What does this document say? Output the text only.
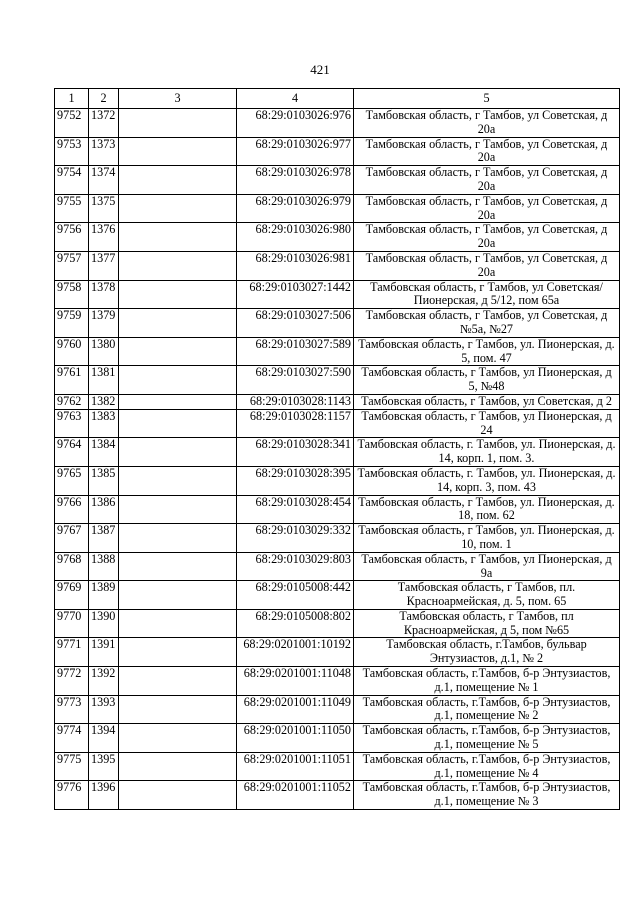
421
1	2	3	4	5
9752	1372		68:29:0103026:976	Тамбовская область, г Тамбов, ул Советская, д 20а
9753	1373		68:29:0103026:977	Тамбовская область, г Тамбов, ул Советская, д 20а
9754	1374		68:29:0103026:978	Тамбовская область, г Тамбов, ул Советская, д 20а
9755	1375		68:29:0103026:979	Тамбовская область, г Тамбов, ул Советская, д 20а
9756	1376		68:29:0103026:980	Тамбовская область, г Тамбов, ул Советская, д 20а
9757	1377		68:29:0103026:981	Тамбовская область, г Тамбов, ул Советская, д 20а
9758	1378		68:29:0103027:1442	Тамбовская область, г Тамбов, ул Советская/Пионерская, д 5/12, пом 65а
9759	1379		68:29:0103027:506	Тамбовская область, г Тамбов, ул Советская, д №5а, №27
9760	1380		68:29:0103027:589	Тамбовская область, г Тамбов, ул. Пионерская, д. 5, пом. 47
9761	1381		68:29:0103027:590	Тамбовская область, г Тамбов, ул Пионерская, д 5, №48
9762	1382		68:29:0103028:1143	Тамбовская область, г Тамбов, ул Советская, д 2
9763	1383		68:29:0103028:1157	Тамбовская область, г Тамбов, ул Пионерская, д 24
9764	1384		68:29:0103028:341	Тамбовская область, г. Тамбов, ул. Пионерская, д. 14, корп. 1, пом. 3.
9765	1385		68:29:0103028:395	Тамбовская область, г. Тамбов, ул. Пионерская, д. 14, корп. 3, пом. 43
9766	1386		68:29:0103028:454	Тамбовская область, г Тамбов, ул. Пионерская, д. 18, пом. 62
9767	1387		68:29:0103029:332	Тамбовская область, г Тамбов, ул. Пионерская, д. 10, пом. 1
9768	1388		68:29:0103029:803	Тамбовская область, г Тамбов, ул Пионерская, д 9а
9769	1389		68:29:0105008:442	Тамбовская область, г Тамбов, пл. Красноармейская, д. 5, пом. 65
9770	1390		68:29:0105008:802	Тамбовская область, г Тамбов, пл Красноармейская, д 5, пом №65
9771	1391		68:29:0201001:10192	Тамбовская область, г.Тамбов, бульвар Энтузиастов, д.1, № 2
9772	1392		68:29:0201001:11048	Тамбовская область, г.Тамбов, б-р Энтузиастов, д.1, помещение № 1
9773	1393		68:29:0201001:11049	Тамбовская область, г.Тамбов, б-р Энтузиастов, д.1, помещение № 2
9774	1394		68:29:0201001:11050	Тамбовская область, г.Тамбов, б-р Энтузиастов, д.1, помещение № 5
9775	1395		68:29:0201001:11051	Тамбовская область, г.Тамбов, б-р Энтузиастов, д.1, помещение № 4
9776	1396		68:29:0201001:11052	Тамбовская область, г.Тамбов, б-р Энтузиастов, д.1, помещение № 3
